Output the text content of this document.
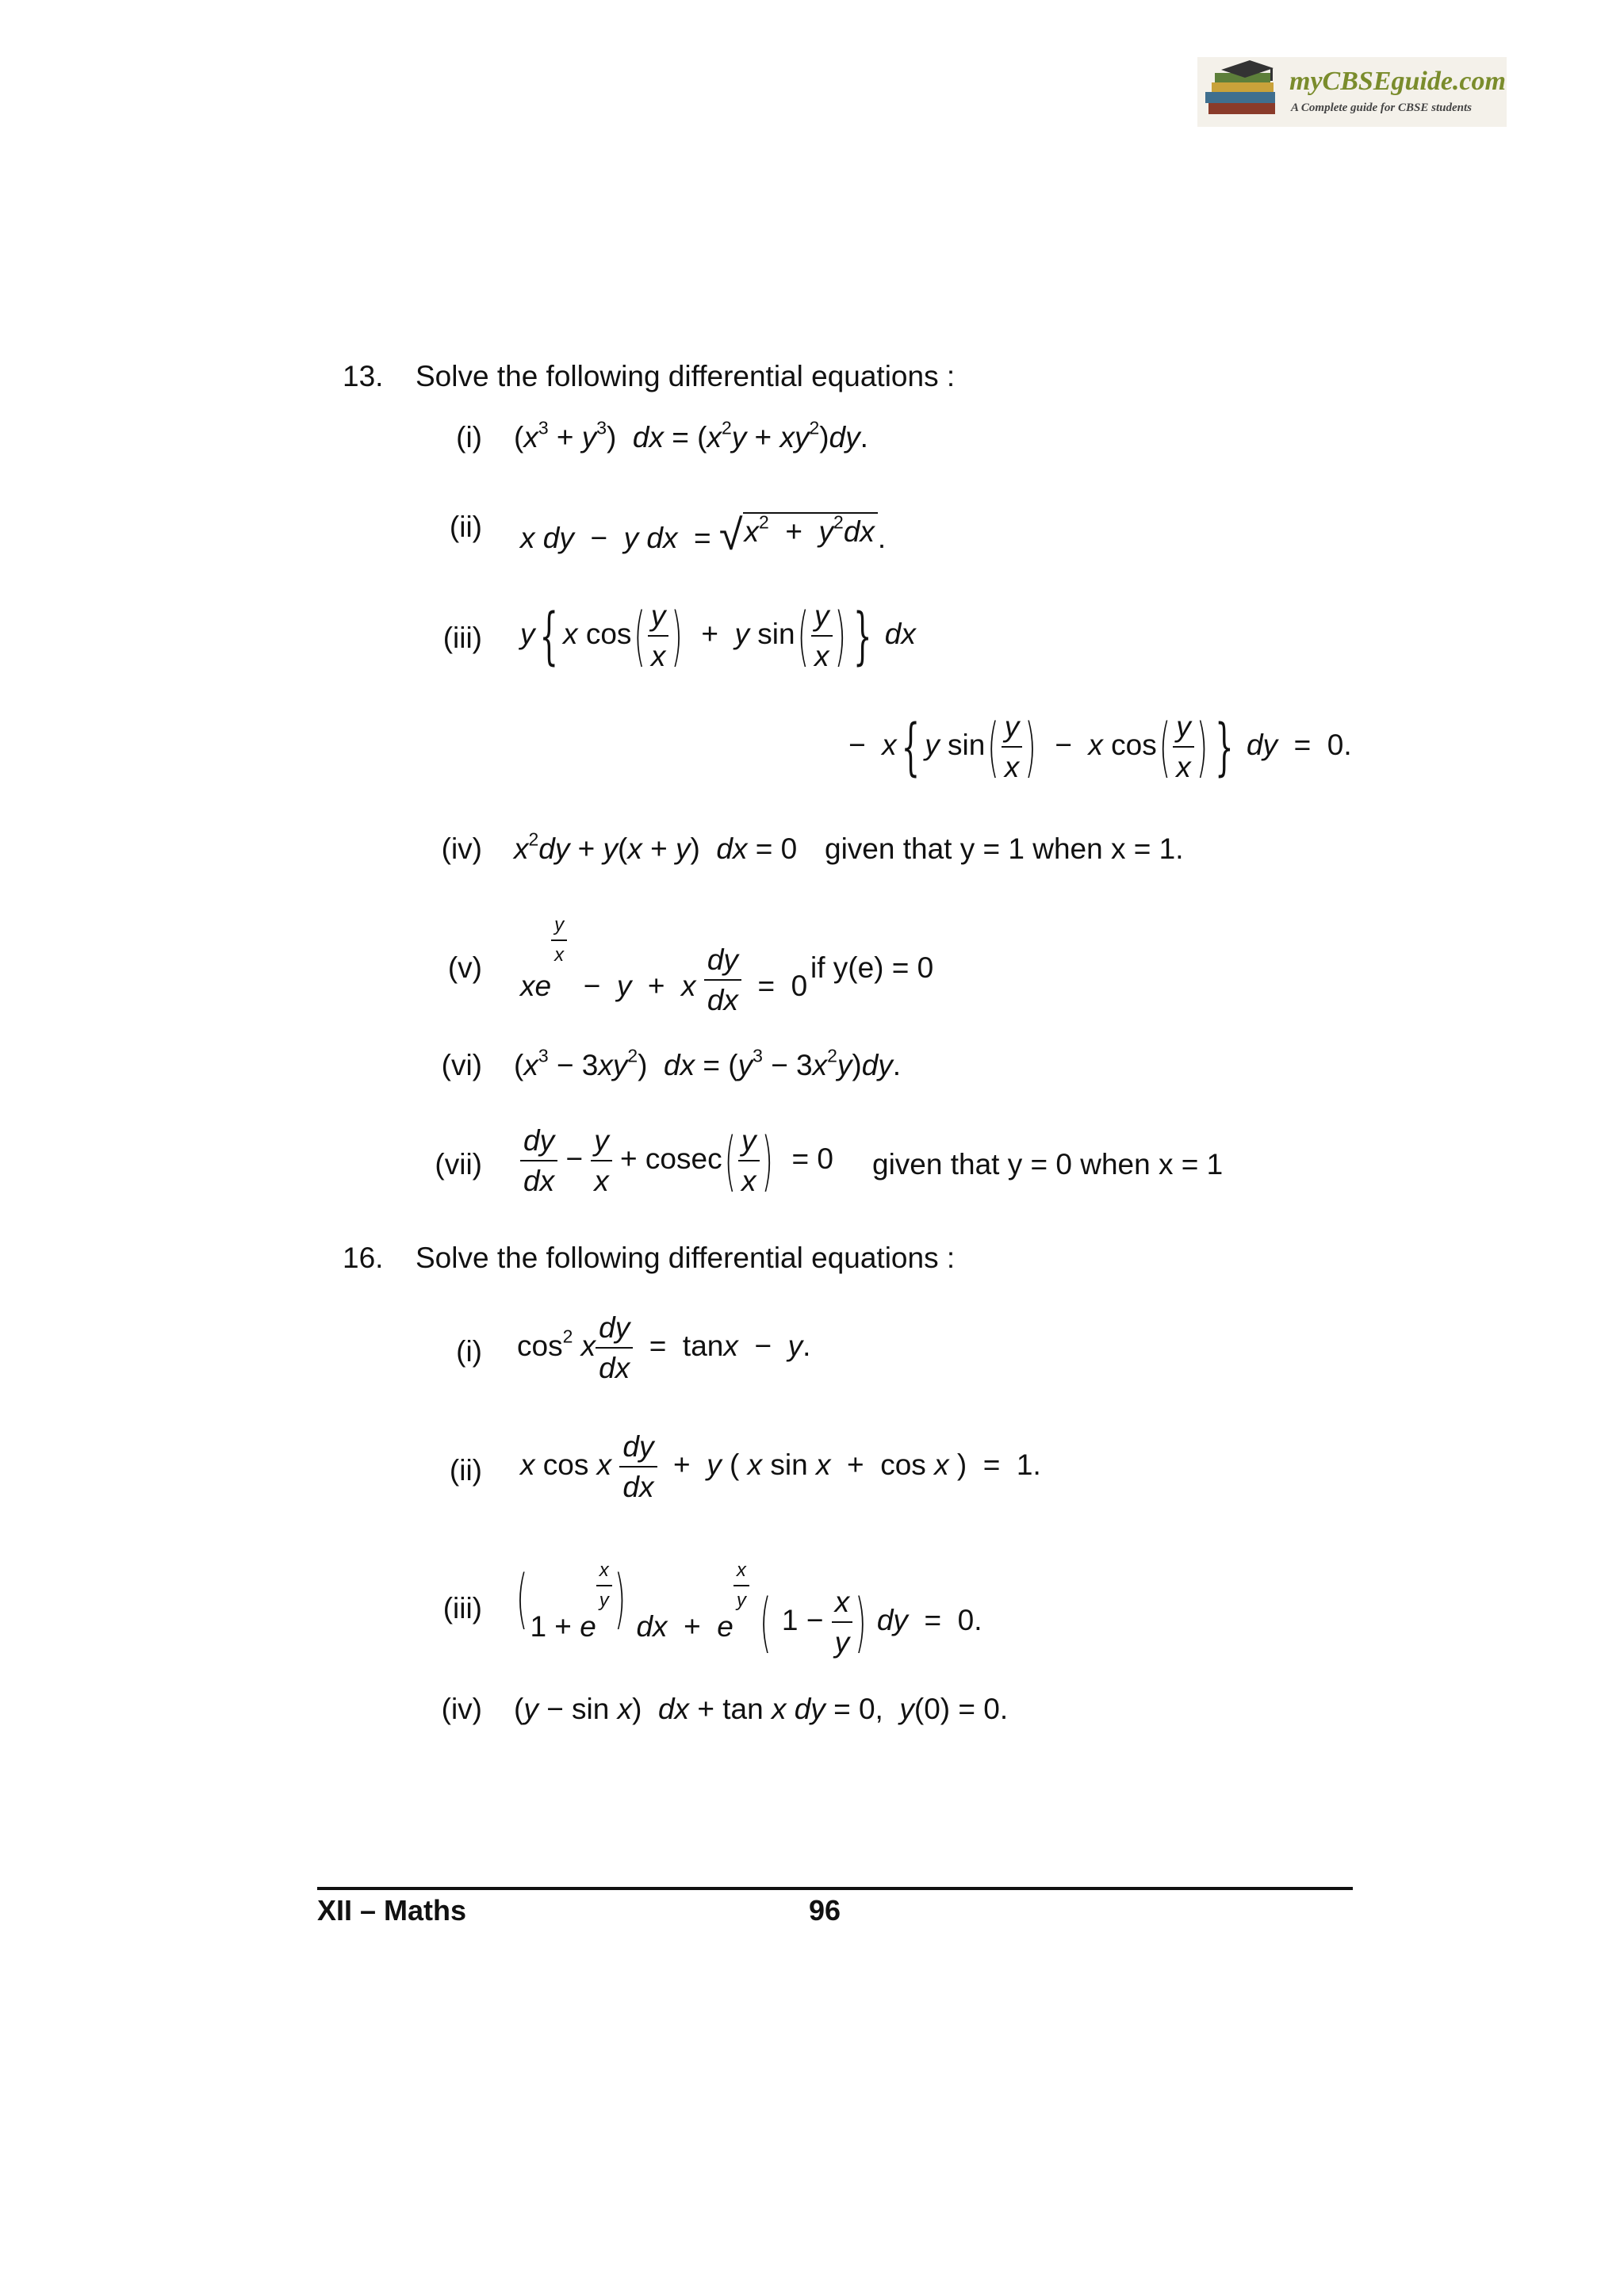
myCBSEguide.com
A Complete guide for CBSE students
13. Solve the following differential equations :
(i) $(x^3 + y^3)$  dx = $(x^2y + xy^2)dy$.
(ii) x dy  −  y dx  = $√x^2 + y^2dx$ .
(iii) y { x $\cos( \frac{y}{x}$ )  +  y $\sin( \frac{y}{x}$ ) } dx
−  x { y $\sin( \frac{y}{x}$ )  −  x $\cos( \frac{y}{x}$ ) } dy  =  0.
(iv) $x^2dy + y(x + y)$  dx = 0 given that y = 1 when x = 1.
(v)
xe
$\frac{y}{x}$
−  y  +  x $\frac{dy}{dx} = 0$
if y(e) = 0
(vi) $(x^3 - 3xy^2)$  dx = $(y^3 - 3x^2y)dy$.
$(vii) \frac{dy}{dx} - \frac{y}{x} + cosec( \frac{y}{x}$ )  = 0 given that y = 0 when x = 1
16. Solve the following differential equations :
(i) $\cos^2 x \frac{dy}{dx} = \tan x - y$.
(ii) x cos x $\frac{dy}{dx} + y$ ( x sin x  +  cos x )  =  1.
(iii) (1 + e
$\frac{x}{y}$ ) dx  +  e
$\frac{x}{y}$ ( $1 - \frac{x}{y}$ ) dy  =  0.
(iv) (y − sin x)  dx + tan x dy = 0,  y(0) = 0.
XII – Maths	96
